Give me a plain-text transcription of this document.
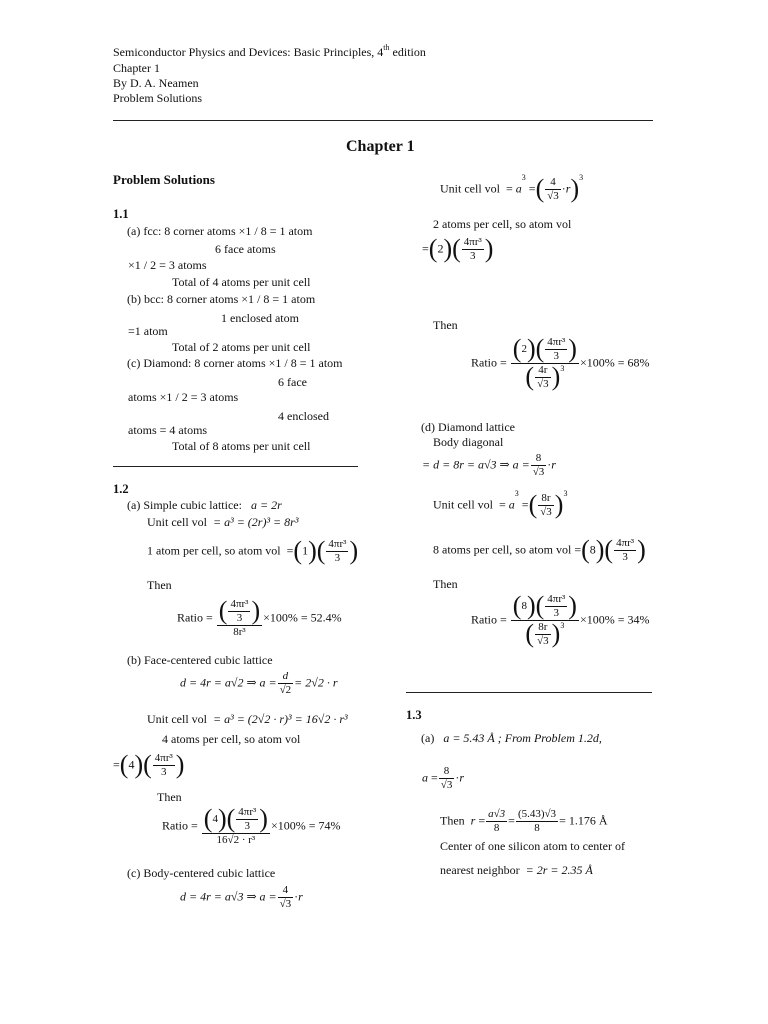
Semiconductor Physics and Devices: Basic Principles, 4th edition
Chapter 1
By D. A. Neamen
Problem Solutions
Chapter 1
Problem Solutions
1.1
(a) fcc: 8 corner atoms ×1 / 8 = 1 atom
6 face atoms
×1 / 2 = 3 atoms
Total of 4 atoms per unit cell
(b) bcc: 8 corner atoms ×1 / 8 = 1 atom
1 enclosed atom
=1 atom
Total of 2 atoms per unit cell
(c) Diamond: 8 corner atoms ×1 / 8 = 1 atom
6 face
atoms ×1 / 2 = 3 atoms
4 enclosed
atoms = 4 atoms
Total of 8 atoms per unit cell
1.2
(a) Simple cubic lattice: a = 2r
Unit cell vol = a³ = (2r)³ = 8r³
1 atom per cell, so atom vol  $=(1)( \frac{\text{4πr³}}{3}$ )
Then
Ratio = $\frac{( \frac{\text{4πr³}}{3} )}{\text{8r³}} \times 100\% = 52.4\%$
(b) Face-centered cubic lattice
d = 4r = a√2 ⇒ $a = \frac{d}{√2} = 2√2 \cdot r$
Unit cell vol = a³ = (2√2 · r)³ = 16√2 · r³
4 atoms per cell, so atom vol
$=(4)( \frac{\text{4πr³}}{3}$ )
Then
Ratio = $\frac{(4)( \frac{\text{4πr³}}{3} )}{\text{16√2 · r³}} \times 100\% = 74\%$
(c) Body-centered cubic lattice
d = 4r = a√3 ⇒ $a = \frac{4}{√3} \cdot r$
Unit cell vol  = $a^3$ =( $\frac{4}{√3} \cdot r)^3$
2 atoms per cell, so atom vol
$=(2)( \frac{\text{4πr³}}{3}$ )
Then
Ratio = $\frac{(2)( \frac{\text{4πr³}}{3} )}{( \frac{4r}{√3} )^3} \times 100\% = 68\%$
(d) Diamond lattice
Body diagonal
= d = 8r = a√3 ⇒ $a = \frac{8}{√3} \cdot r$
Unit cell vol  = $a^3$ =( $\frac{8r}{√3} )^3$
8 atoms per cell, so atom vol $=(8)( \frac{\text{4πr³}}{3}$ )
Then
Ratio = $\frac{(8)( \frac{\text{4πr³}}{3} )}{( \frac{8r}{√3} )^3} \times 100\% = 34\%$
1.3
(a) a = 5.43 Å ; From Problem 1.2d,
$a = \frac{8}{√3} \cdot r$
Then $r = \frac{a√3}{8} = \frac{(5.43)√3}{8} = 1.176$ Å
Center of one silicon atom to center of
nearest neighbor = 2r = 2.35 Å
